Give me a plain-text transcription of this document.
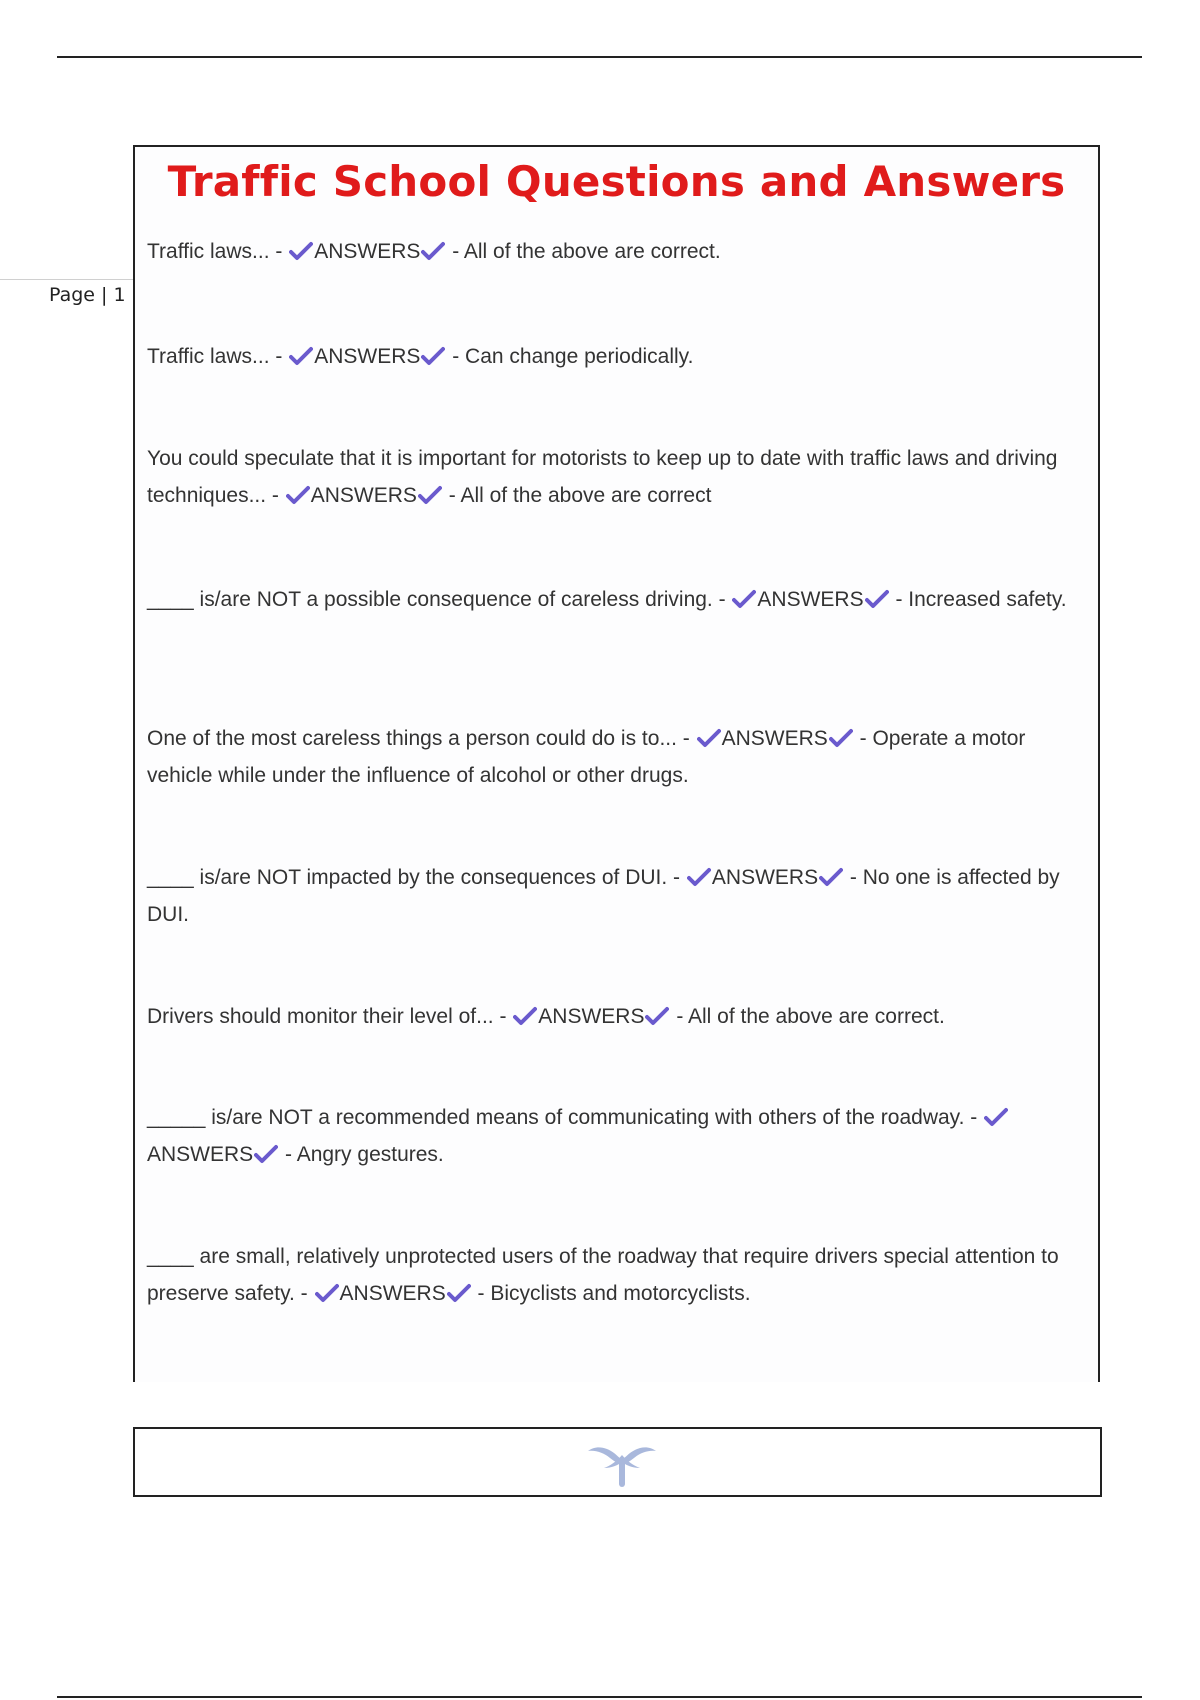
Page | 1
Traffic School Questions and Answers
Traffic laws... -
ANSWERS
- All of the above are correct.
Traffic laws... -
ANSWERS
- Can change periodically.
You could speculate that it is important for motorists to keep up to date with traffic laws and driving techniques... -
ANSWERS
- All of the above are correct
____ is/are NOT a possible consequence of careless driving. -
ANSWERS
- Increased safety.
One of the most careless things a person could do is to... -
ANSWERS
- Operate a motor vehicle while under the influence of alcohol or other drugs.
____ is/are NOT impacted by the consequences of DUI. -
ANSWERS
- No one is affected by DUI.
Drivers should monitor their level of... -
ANSWERS
- All of the above are correct.
_____ is/are NOT a recommended means of communicating with others of the roadway. -
ANSWERS
- Angry gestures.
____ are small, relatively unprotected users of the roadway that require drivers special attention to preserve safety. -
ANSWERS
- Bicyclists and motorcyclists.
